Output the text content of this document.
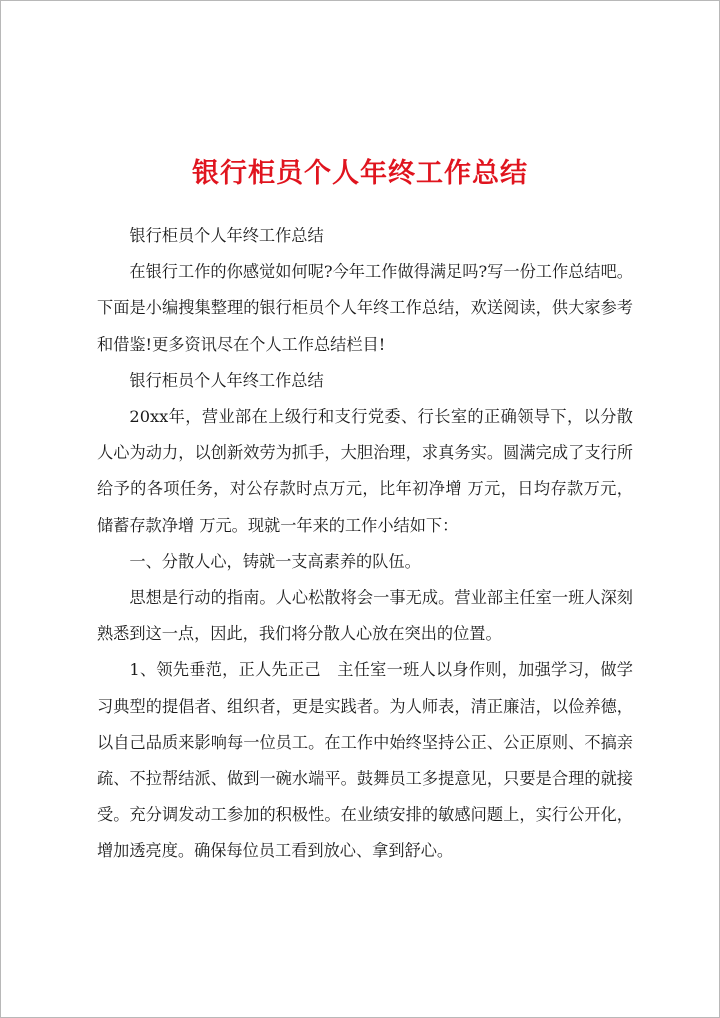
银行柜员个人年终工作总结

银行柜员个人年终工作总结

在银行工作的你感觉如何呢?今年工作做得满足吗?写一份工作总结吧。下面是小编搜集整理的银行柜员个人年终工作总结，欢送阅读，供大家参考和借鉴!更多资讯尽在个人工作总结栏目!

银行柜员个人年终工作总结

20xx年，营业部在上级行和支行党委、行长室的正确领导下，以分散人心为动力，以创新效劳为抓手，大胆治理，求真务实。圆满完成了支行所给予的各项任务，对公存款时点万元，比年初净增 万元，日均存款万元，储蓄存款净增 万元。现就一年来的工作小结如下：

一、分散人心，铸就一支高素养的队伍。

思想是行动的指南。人心松散将会一事无成。营业部主任室一班人深刻熟悉到这一点，因此，我们将分散人心放在突出的位置。

1、领先垂范，正人先正己　主任室一班人以身作则，加强学习，做学习典型的提倡者、组织者，更是实践者。为人师表，清正廉洁，以俭养德，以自己品质来影响每一位员工。在工作中始终坚持公正、公正原则、不搞亲疏、不拉帮结派、做到一碗水端平。鼓舞员工多提意见，只要是合理的就接受。充分调发动工参加的积极性。在业绩安排的敏感问题上，实行公开化，增加透亮度。确保每位员工看到放心、拿到舒心。
